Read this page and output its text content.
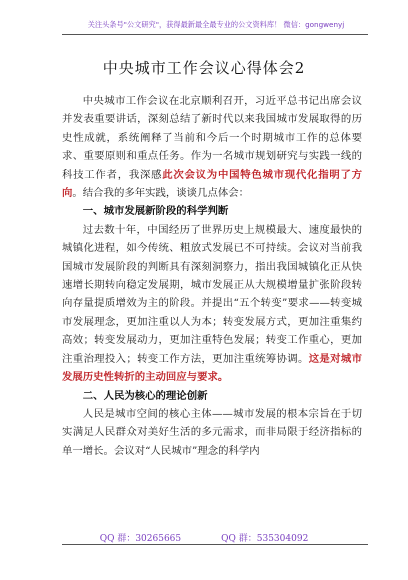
关注头条号"公文研究"，获得最新最全最专业的公文资料库！ 微信：gongwenyj
中央城市工作会议心得体会2

中央城市工作会议在北京顺利召开，习近平总书记出席会议并发表重要讲话，深刻总结了新时代以来我国城市发展取得的历史性成就，系统阐释了当前和今后一个时期城市工作的总体要求、重要原则和重点任务。作为一名城市规划研究与实践一线的科技工作者，我深感此次会议为中国特色城市现代化指明了方向。结合我的多年实践，谈谈几点体会：

一、城市发展新阶段的科学判断

过去数十年，中国经历了世界历史上规模最大、速度最快的城镇化进程，如今传统、粗放式发展已不可持续。会议对当前我国城市发展阶段的判断具有深刻洞察力，指出我国城镇化正从快速增长期转向稳定发展期，城市发展正从大规模增量扩张阶段转向存量提质增效为主的阶段。并提出“五个转变”要求——转变城市发展理念，更加注重以人为本；转变发展方式，更加注重集约高效；转变发展动力，更加注重特色发展；转变工作重心，更加注重治理投入；转变工作方法，更加注重统筹协调。这是对城市发展历史性转折的主动回应与要求。

二、人民为核心的理论创新

人民是城市空间的核心主体——城市发展的根本宗旨在于切实满足人民群众对美好生活的多元需求，而非局限于经济指标的单一增长。会议对“人民城市”理念的科学内

QQ 群：30265665	QQ 群：535304092
